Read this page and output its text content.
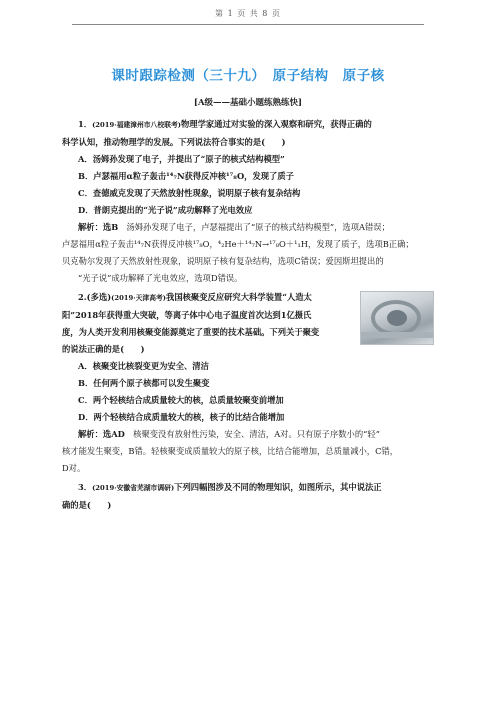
第 1 页 共 8 页
课时跟踪检测（三十九）　原子结构　原子核
[A级——基础小题练熟练快]

1．(2019·福建漳州市八校联考)物理学家通过对实验的深入观察和研究，获得正确的

科学认知，推动物理学的发展。下列说法符合事实的是(　　)

A．汤姆孙发现了电子，并提出了“原子的核式结构模型”

B．卢瑟福用α粒子轰击¹⁴₇N获得反冲核¹⁷₈O，发现了质子

C．查德威克发现了天然放射性现象，说明原子核有复杂结构

D．普朗克提出的“光子说”成功解释了光电效应

解析：选B　 汤姆孙发现了电子，卢瑟福提出了“原子的核式结构模型”，选项A错误；

卢瑟福用α粒子轰击¹⁴₇N获得反冲核¹⁷₈O，⁴₂He＋¹⁴₇N→¹⁷₈O＋¹₁H，发现了质子，选项B正确；

贝克勒尔发现了天然放射性现象，说明原子核有复杂结构，选项C错误；爱因斯坦提出的

“光子说”成功解释了光电效应，选项D错误。

2.(多选)(2019·天津高考)我国核聚变反应研究大科学装置“人造太

阳”2018年获得重大突破，等离子体中心电子温度首次达到1亿摄氏

度，为人类开发利用核聚变能源奠定了重要的技术基础。下列关于聚变

的说法正确的是(　　)

A．核聚变比核裂变更为安全、清洁

B．任何两个原子核都可以发生聚变

C．两个轻核结合成质量较大的核，总质量较聚变前增加

D．两个轻核结合成质量较大的核，核子的比结合能增加

解析：选AD　 核聚变没有放射性污染，安全、清洁，A对。只有原子序数小的“轻”

核才能发生聚变，B错。轻核聚变成质量较大的原子核，比结合能增加，总质量减小，C错，

D对。

3．(2019·安徽省芜湖市调研)下列四幅图涉及不同的物理知识，如图所示，其中说法正

确的是(　　)
